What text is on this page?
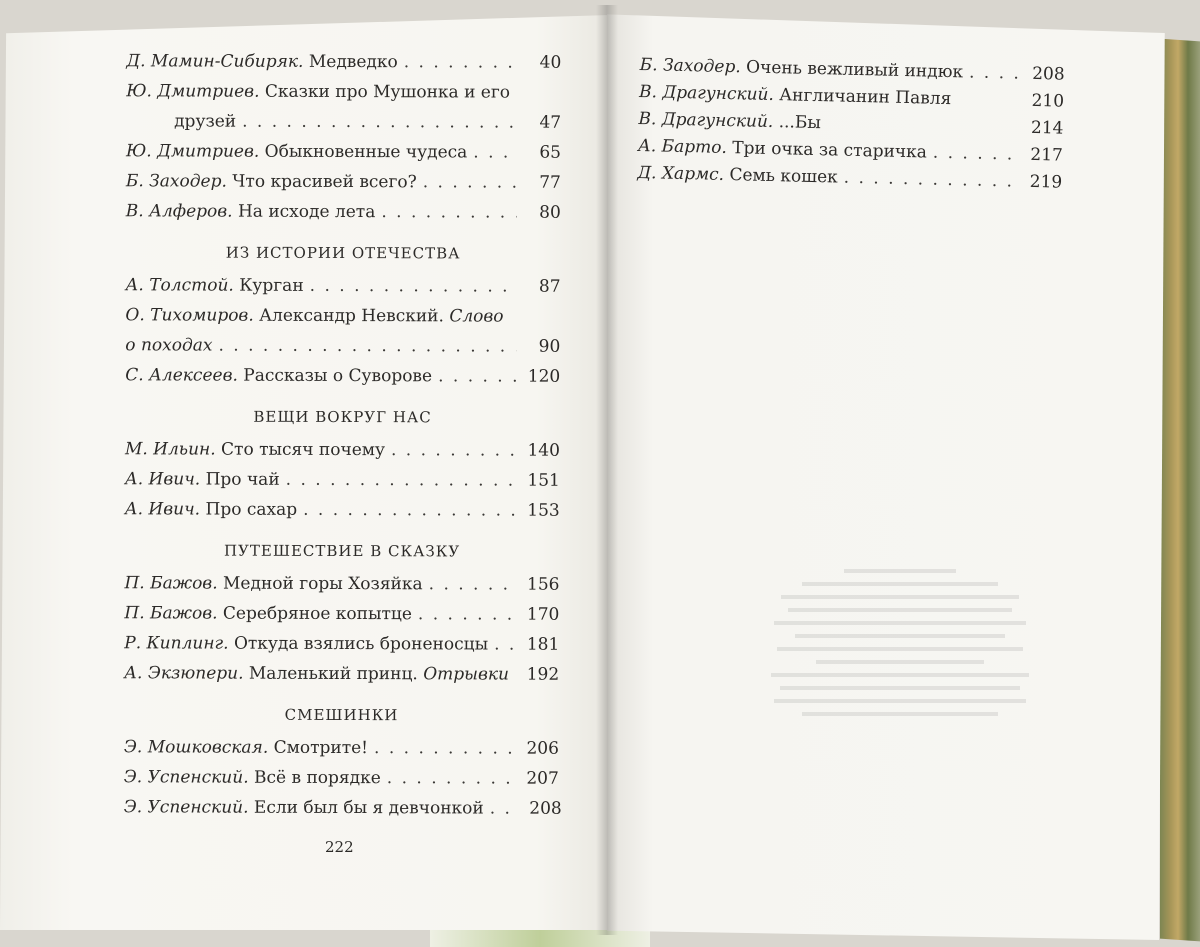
Д. Мамин-Сибиряк. Медведко . . .	40
Ю. Дмитриев. Сказки про Мушонка и его
друзей . . .	47
Ю. Дмитриев. Обыкновенные чудеса . . .	65
Б. Заходер. Что красивей всего? . . .	77
В. Алферов. На исходе лета . . .	80
ИЗ ИСТОРИИ ОТЕЧЕСТВА
А. Толстой. Курган . . .	87
О. Тихомиров. Александр Невский. Слово
о походах . . .	90
С. Алексеев. Рассказы о Суворове . . .	120
ВЕЩИ ВОКРУГ НАС
М. Ильин. Сто тысяч почему . . .	140
А. Ивич. Про чай . . .	151
А. Ивич. Про сахар . . .	153
ПУТЕШЕСТВИЕ В СКАЗКУ
П. Бажов. Медной горы Хозяйка . . .	156
П. Бажов. Серебряное копытце . . .	170
Р. Киплинг. Откуда взялись броненосцы . . .	181
А. Экзюпери. Маленький принц. Отрывки	192
СМЕШИНКИ
Э. Мошковская. Смотрите! . . .	206
Э. Успенский. Всё в порядке . . .	207
Э. Успенский. Если был бы я девчонкой . . .	208
222
Б. Заходер. Очень вежливый индюк . . .	208
В. Драгунский. Англичанин Павля	210
В. Драгунский. ...Бы	214
А. Барто. Три очка за старичка . . .	217
Д. Хармс. Семь кошек . . .	219
